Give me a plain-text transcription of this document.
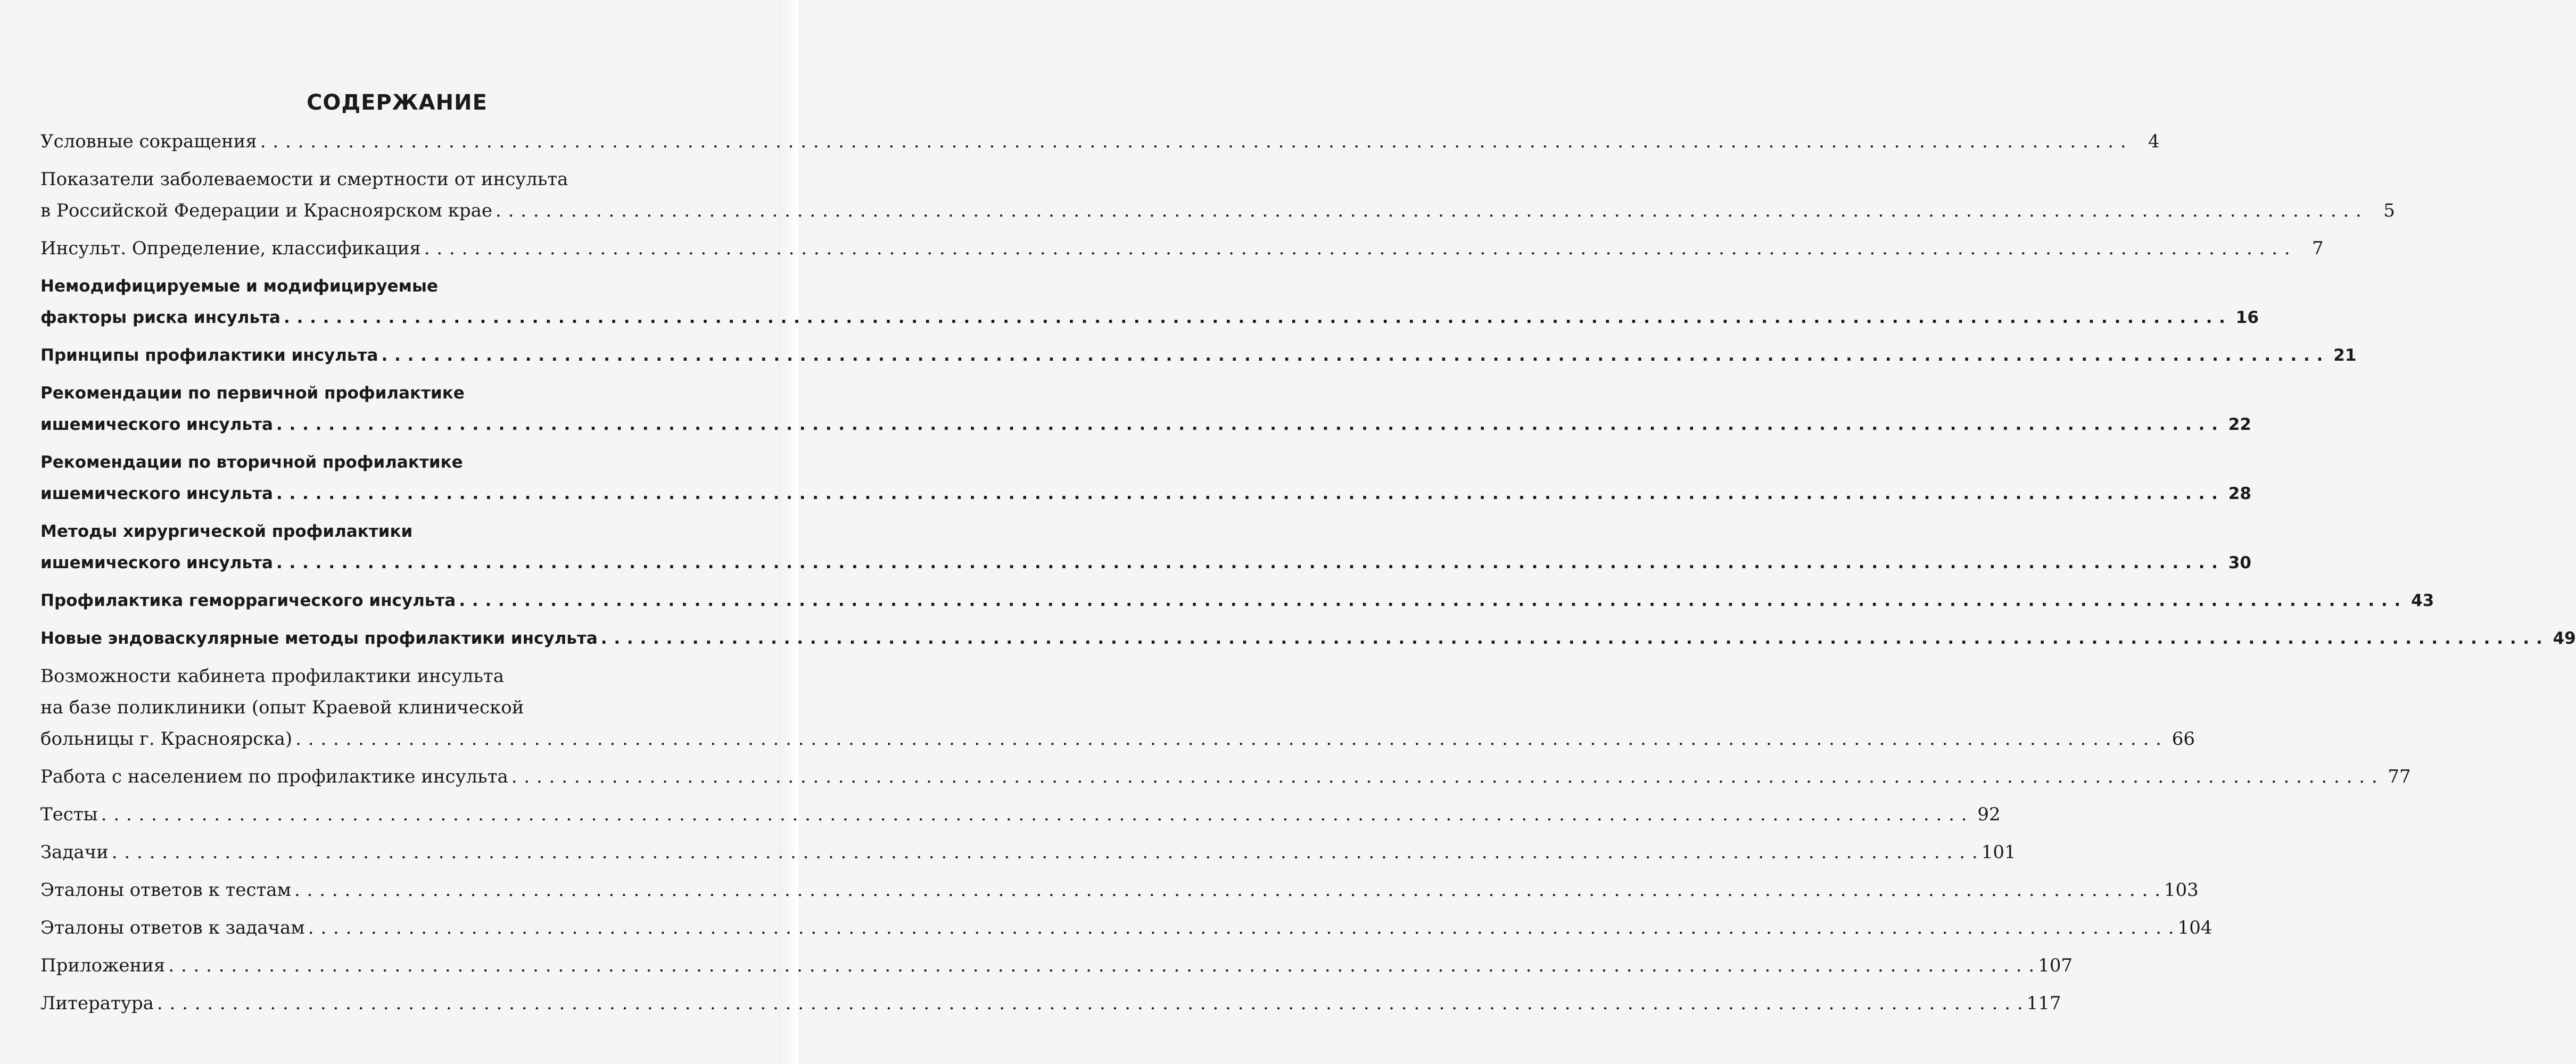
СОДЕРЖАНИЕ
Условные сокращения . . .	4
Показатели заболеваемости и смертности от инсульта
в Российской Федерации и Красноярском крае . . .	5
Инсульт. Определение, классификация . . .	7
Немодифицируемые и модифицируемые
факторы риска инсульта . . .	16
Принципы профилактики инсульта . . .	21
Рекомендации по первичной профилактике
ишемического инсульта . . .	22
Рекомендации по вторичной профилактике
ишемического инсульта . . .	28
Методы хирургической профилактики
ишемического инсульта . . .	30
Профилактика геморрагического инсульта . . .	43
Новые эндоваскулярные методы профилактики инсульта . . .	49
Возможности кабинета профилактики инсульта
на базе поликлиники (опыт Краевой клинической
больницы г. Красноярска) . . .	66
Работа с населением по профилактике инсульта . . .	77
Тесты . . .	92
Задачи . . .	101
Эталоны ответов к тестам . . .	103
Эталоны ответов к задачам . . .	104
Приложения . . .	107
Литература . . .	117
